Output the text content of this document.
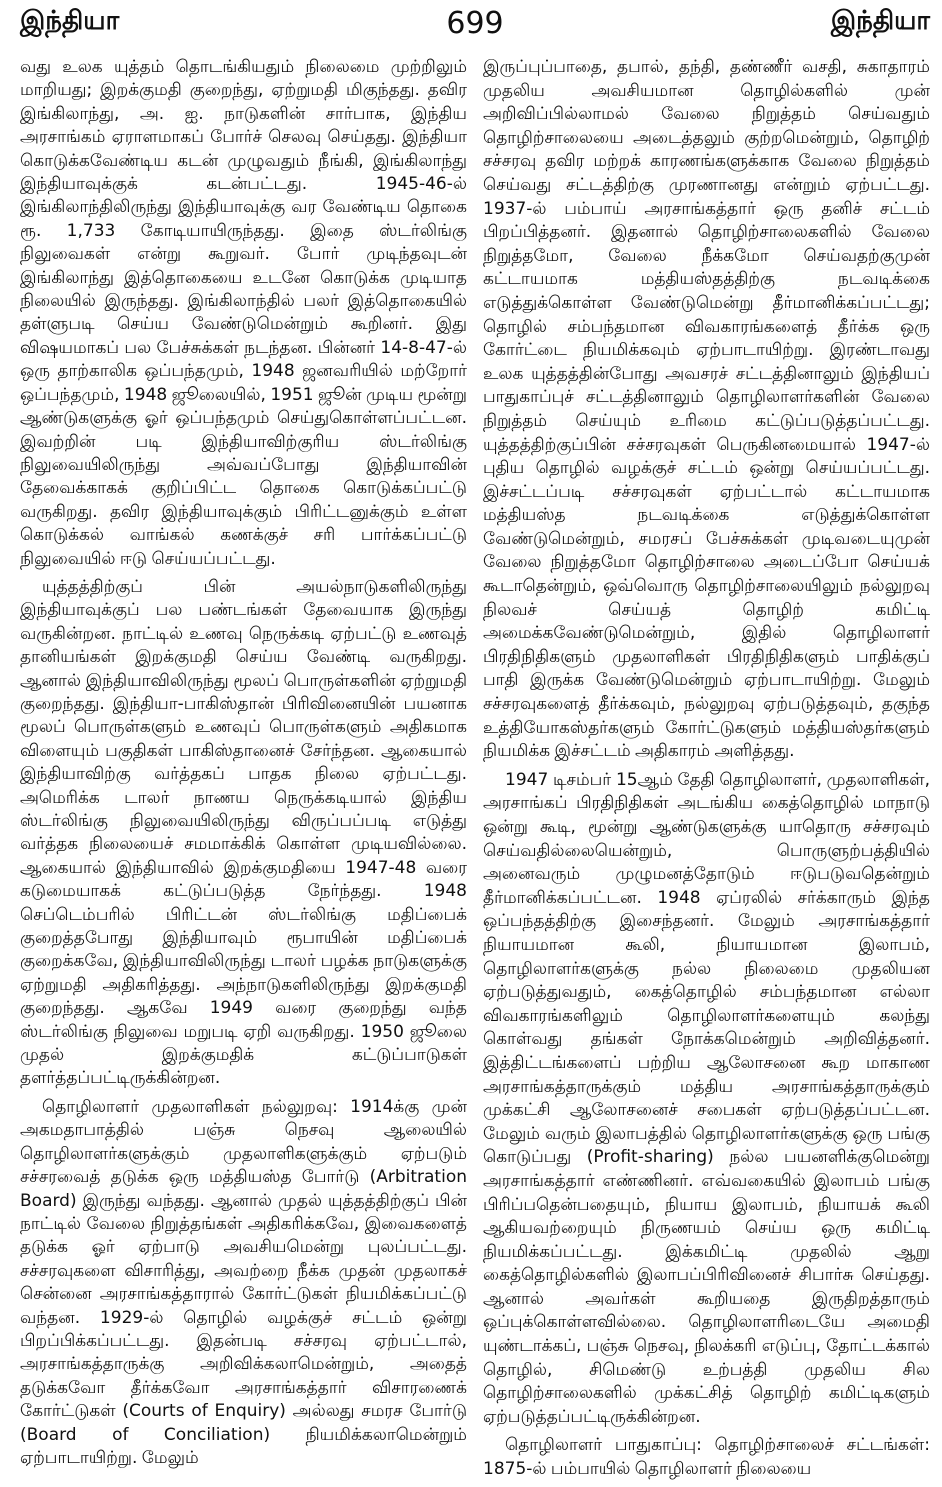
இந்தியா	699	இந்தியா

வது உலக யுத்தம் தொடங்கியதும் நிலைமை முற்றிலும் மாறியது; இறக்குமதி குறைந்து, ஏற்றுமதி மிகுந்தது. தவிர இங்கிலாந்து, அ. ஐ. நாடுகளின் சார்பாக, இந்திய அரசாங்கம் ஏராளமாகப் போர்ச் செலவு செய்தது. இந்தியா கொடுக்கவேண்டிய கடன் முழுவதும் நீங்கி, இங்கிலாந்து இந்தியாவுக்குக் கடன்பட்டது. 1945-46-ல் இங்கிலாந்திலிருந்து இந்தியாவுக்கு வர வேண்டிய தொகை ரூ. 1,733 கோடியாயிருந்தது. இதை ஸ்டர்லிங்கு நிலுவைகள் என்று கூறுவர். போர் முடிந்தவுடன் இங்கிலாந்து இத்தொகையை உடனே கொடுக்க முடியாத நிலையில் இருந்தது. இங்கிலாந்தில் பலர் இத்தொகையில் தள்ளுபடி செய்ய வேண்டுமென்றும் கூறினர். இது விஷயமாகப் பல பேச்சுக்கள் நடந்தன. பின்னர் 14-8-47-ல் ஒரு தாற்காலிக ஒப்பந்தமும், 1948 ஜனவரியில் மற்றோர் ஒப்பந்தமும், 1948 ஜூலையில், 1951 ஜூன் முடிய மூன்று ஆண்டுகளுக்கு ஓர் ஒப்பந்தமும் செய்துகொள்ளப்பட்டன. இவற்றின் படி இந்தியாவிற்குரிய ஸ்டர்லிங்கு நிலுவையிலிருந்து அவ்வப்போது இந்தியாவின் தேவைக்காகக் குறிப்பிட்ட தொகை கொடுக்கப்பட்டு வருகிறது. தவிர இந்தியாவுக்கும் பிரிட்டனுக்கும் உள்ள கொடுக்கல் வாங்கல் கணக்குச் சரி பார்க்கப்பட்டு நிலுவையில் ஈடு செய்யப்பட்டது.

யுத்தத்திற்குப் பின் அயல்நாடுகளிலிருந்து இந்தியாவுக்குப் பல பண்டங்கள் தேவையாக இருந்து வருகின்றன. நாட்டில் உணவு நெருக்கடி ஏற்பட்டு உணவுத் தானியங்கள் இறக்குமதி செய்ய வேண்டி வருகிறது. ஆனால் இந்தியாவிலிருந்து மூலப் பொருள்களின் ஏற்றுமதி குறைந்தது. இந்தியா-பாகிஸ்தான் பிரிவினையின் பயனாக மூலப் பொருள்களும் உணவுப் பொருள்களும் அதிகமாக விளையும் பகுதிகள் பாகிஸ்தானைச் சேர்ந்தன. ஆகையால் இந்தியாவிற்கு வர்த்தகப் பாதக நிலை ஏற்பட்டது. அமெரிக்க டாலர் நாணய நெருக்கடியால் இந்திய ஸ்டர்லிங்கு நிலுவையிலிருந்து விருப்பப்படி எடுத்து வர்த்தக நிலையைச் சமமாக்கிக் கொள்ள முடியவில்லை. ஆகையால் இந்தியாவில் இறக்குமதியை 1947-48 வரை கடுமையாகக் கட்டுப்படுத்த நேர்ந்தது. 1948 செப்டெம்பரில் பிரிட்டன் ஸ்டர்லிங்கு மதிப்பைக் குறைத்தபோது இந்தியாவும் ரூபாயின் மதிப்பைக் குறைக்கவே, இந்தியாவிலிருந்து டாலர் பழக்க நாடுகளுக்கு ஏற்றுமதி அதிகரித்தது. அந்நாடுகளிலிருந்து இறக்குமதி குறைந்தது. ஆகவே 1949 வரை குறைந்து வந்த ஸ்டர்லிங்கு நிலுவை மறுபடி ஏறி வருகிறது. 1950 ஜூலை முதல் இறக்குமதிக் கட்டுப்பாடுகள் தளர்த்தப்பட்டிருக்கின்றன.

தொழிலாளர் முதலாளிகள் நல்லுறவு: 1914க்கு முன் அகமதாபாத்தில் பஞ்சு நெசவு ஆலையில் தொழிலாளர்களுக்கும் முதலாளிகளுக்கும் ஏற்படும் சச்சரவைத் தடுக்க ஒரு மத்தியஸ்த போர்டு (Arbitration Board) இருந்து வந்தது. ஆனால் முதல் யுத்தத்திற்குப் பின் நாட்டில் வேலை நிறுத்தங்கள் அதிகரிக்கவே, இவைகளைத் தடுக்க ஓர் ஏற்பாடு அவசியமென்று புலப்பட்டது. சச்சரவுகளை விசாரித்து, அவற்றை நீக்க முதன் முதலாகச் சென்னை அரசாங்கத்தாரால் கோர்ட்டுகள் நியமிக்கப்பட்டு வந்தன. 1929-ல் தொழில் வழக்குச் சட்டம் ஒன்று பிறப்பிக்கப்பட்டது. இதன்படி சச்சரவு ஏற்பட்டால், அரசாங்கத்தாருக்கு அறிவிக்கலாமென்றும், அதைத் தடுக்கவோ தீர்க்கவோ அரசாங்கத்தார் விசாரணைக் கோர்ட்டுகள் (Courts of Enquiry) அல்லது சமரச போர்டு (Board of Conciliation) நியமிக்கலாமென்றும் ஏற்பாடாயிற்று. மேலும்

இருப்புப்பாதை, தபால், தந்தி, தண்ணீர் வசதி, சுகாதாரம் முதலிய அவசியமான தொழில்களில் முன் அறிவிப்பில்லாமல் வேலை நிறுத்தம் செய்வதும் தொழிற்சாலையை அடைத்தலும் குற்றமென்றும், தொழிற் சச்சரவு தவிர மற்றக் காரணங்களுக்காக வேலை நிறுத்தம் செய்வது சட்டத்திற்கு முரணானது என்றும் ஏற்பட்டது. 1937-ல் பம்பாய் அரசாங்கத்தார் ஒரு தனிச் சட்டம் பிறப்பித்தனர். இதனால் தொழிற்சாலைகளில் வேலை நிறுத்தமோ, வேலை நீக்கமோ செய்வதற்குமுன் கட்டாயமாக மத்தியஸ்தத்திற்கு நடவடிக்கை எடுத்துக்கொள்ள வேண்டுமென்று தீர்மானிக்கப்பட்டது; தொழில் சம்பந்தமான விவகாரங்களைத் தீர்க்க ஒரு கோர்ட்டை நியமிக்கவும் ஏற்பாடாயிற்று. இரண்டாவது உலக யுத்தத்தின்போது அவசரச் சட்டத்தினாலும் இந்தியப் பாதுகாப்புச் சட்டத்தினாலும் தொழிலாளர்களின் வேலை நிறுத்தம் செய்யும் உரிமை கட்டுப்படுத்தப்பட்டது. யுத்தத்திற்குப்பின் சச்சரவுகள் பெருகினமையால் 1947-ல் புதிய தொழில் வழக்குச் சட்டம் ஒன்று செய்யப்பட்டது. இச்சட்டப்படி சச்சரவுகள் ஏற்பட்டால் கட்டாயமாக மத்தியஸ்த நடவடிக்கை எடுத்துக்கொள்ள வேண்டுமென்றும், சமரசப் பேச்சுக்கள் முடிவடையுமுன் வேலை நிறுத்தமோ தொழிற்சாலை அடைப்போ செய்யக் கூடாதென்றும், ஒவ்வொரு தொழிற்சாலையிலும் நல்லுறவு நிலவச் செய்யத் தொழிற் கமிட்டி அமைக்கவேண்டுமென்றும், இதில் தொழிலாளர் பிரதிநிதிகளும் முதலாளிகள் பிரதிநிதிகளும் பாதிக்குப் பாதி இருக்க வேண்டுமென்றும் ஏற்பாடாயிற்று. மேலும் சச்சரவுகளைத் தீர்க்கவும், நல்லுறவு ஏற்படுத்தவும், தகுந்த உத்தியோகஸ்தர்களும் கோர்ட்டுகளும் மத்தியஸ்தர்களும் நியமிக்க இச்சட்டம் அதிகாரம் அளித்தது.

1947 டிசம்பர் 15ஆம் தேதி தொழிலாளர், முதலாளிகள், அரசாங்கப் பிரதிநிதிகள் அடங்கிய கைத்தொழில் மாநாடு ஒன்று கூடி, மூன்று ஆண்டுகளுக்கு யாதொரு சச்சரவும் செய்வதில்லையென்றும், பொருளுற்பத்தியில் அனைவரும் முழுமனத்தோடும் ஈடுபடுவதென்றும் தீர்மானிக்கப்பட்டன. 1948 ஏப்ரலில் சர்க்காரும் இந்த ஒப்பந்தத்திற்கு இசைந்தனர். மேலும் அரசாங்கத்தார் நியாயமான கூலி, நியாயமான இலாபம், தொழிலாளர்களுக்கு நல்ல நிலைமை முதலியன ஏற்படுத்துவதும், கைத்தொழில் சம்பந்தமான எல்லா விவகாரங்களிலும் தொழிலாளர்களையும் கலந்து கொள்வது தங்கள் நோக்கமென்றும் அறிவித்தனர். இத்திட்டங்களைப் பற்றிய ஆலோசனை கூற மாகாண அரசாங்கத்தாருக்கும் மத்திய அரசாங்கத்தாருக்கும் முக்கட்சி ஆலோசனைச் சபைகள் ஏற்படுத்தப்பட்டன. மேலும் வரும் இலாபத்தில் தொழிலாளர்களுக்கு ஒரு பங்கு கொடுப்பது (Profit-sharing) நல்ல பயனளிக்குமென்று அரசாங்கத்தார் எண்ணினர். எவ்வகையில் இலாபம் பங்கு பிரிப்பதென்பதையும், நியாய இலாபம், நியாயக் கூலி ஆகியவற்றையும் நிருணயம் செய்ய ஒரு கமிட்டி நியமிக்கப்பட்டது. இக்கமிட்டி முதலில் ஆறு கைத்தொழில்களில் இலாபப்பிரிவினைச் சிபார்சு செய்தது. ஆனால் அவர்கள் கூறியதை இருதிறத்தாரும் ஒப்புக்கொள்ளவில்லை. தொழிலாளரிடையே அமைதி யுண்டாக்கப், பஞ்சு நெசவு, நிலக்கரி எடுப்பு, தோட்டக்கால் தொழில், சிமெண்டு உற்பத்தி முதலிய சில தொழிற்சாலைகளில் முக்கட்சித் தொழிற் கமிட்டிகளும் ஏற்படுத்தப்பட்டிருக்கின்றன.

தொழிலாளர் பாதுகாப்பு: தொழிற்சாலைச் சட்டங்கள்: 1875-ல் பம்பாயில் தொழிலாளர் நிலையை
